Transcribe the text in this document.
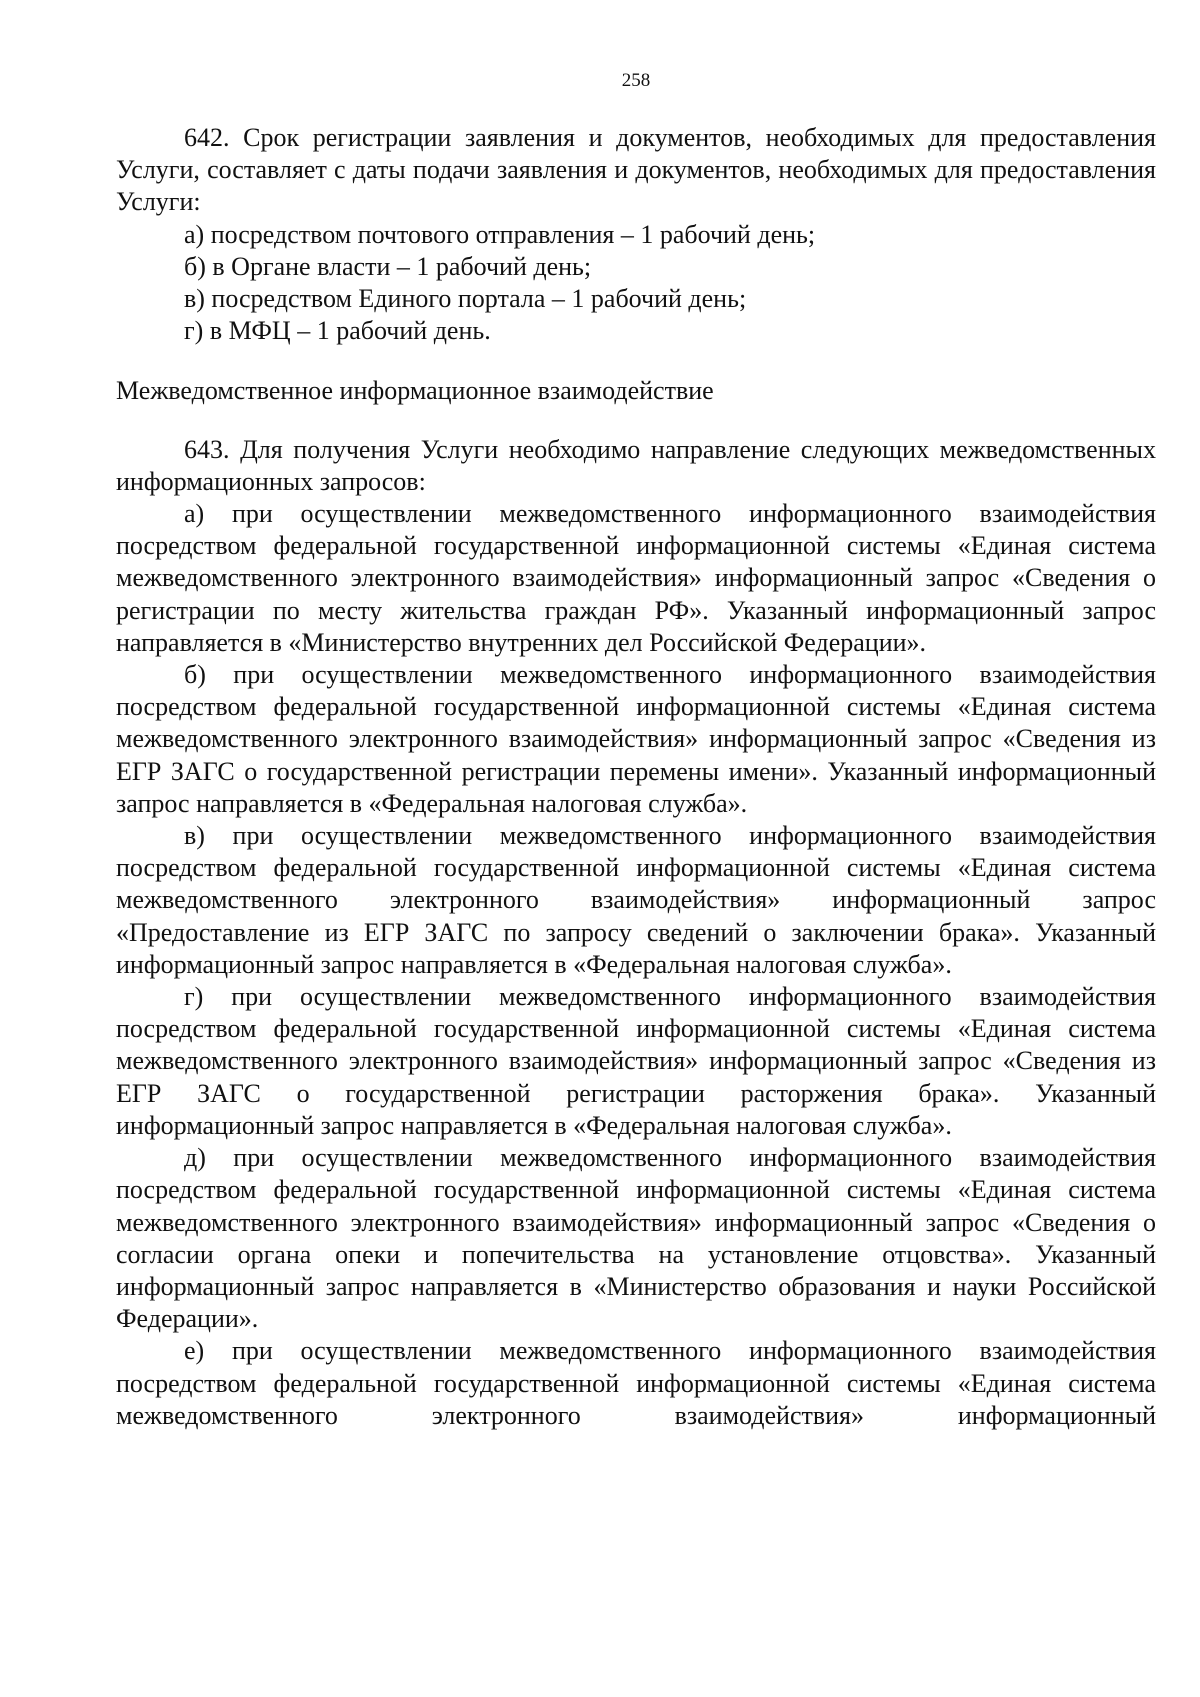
258

642. Срок регистрации заявления и документов, необходимых для предоставления Услуги, составляет с даты подачи заявления и документов, необходимых для предоставления Услуги:

а) посредством почтового отправления – 1 рабочий день;

б) в Органе власти – 1 рабочий день;

в) посредством Единого портала – 1 рабочий день;

г) в МФЦ – 1 рабочий день.

Межведомственное информационное взаимодействие

643. Для получения Услуги необходимо направление следующих межведомственных информационных запросов:

а) при осуществлении межведомственного информационного взаимодействия посредством федеральной государственной информационной системы «Единая система межведомственного электронного взаимодействия» информационный запрос «Сведения о регистрации по месту жительства граждан РФ». Указанный информационный запрос направляется в «Министерство внутренних дел Российской Федерации».

б) при осуществлении межведомственного информационного взаимодействия посредством федеральной государственной информационной системы «Единая система межведомственного электронного взаимодействия» информационный запрос «Сведения из ЕГР ЗАГС о государственной регистрации перемены имени». Указанный информационный запрос направляется в «Федеральная налоговая служба».

в) при осуществлении межведомственного информационного взаимодействия посредством федеральной государственной информационной системы «Единая система межведомственного электронного взаимодействия» информационный запрос «Предоставление из ЕГР ЗАГС по запросу сведений о заключении брака». Указанный информационный запрос направляется в «Федеральная налоговая служба».

г) при осуществлении межведомственного информационного взаимодействия посредством федеральной государственной информационной системы «Единая система межведомственного электронного взаимодействия» информационный запрос «Сведения из ЕГР ЗАГС о государственной регистрации расторжения брака». Указанный информационный запрос направляется в «Федеральная налоговая служба».

д) при осуществлении межведомственного информационного взаимодействия посредством федеральной государственной информационной системы «Единая система межведомственного электронного взаимодействия» информационный запрос «Сведения о согласии органа опеки и попечительства на установление отцовства». Указанный информационный запрос направляется в «Министерство образования и науки Российской Федерации».

е) при осуществлении межведомственного информационного взаимодействия посредством федеральной государственной информационной системы «Единая система межведомственного электронного взаимодействия» информационный
